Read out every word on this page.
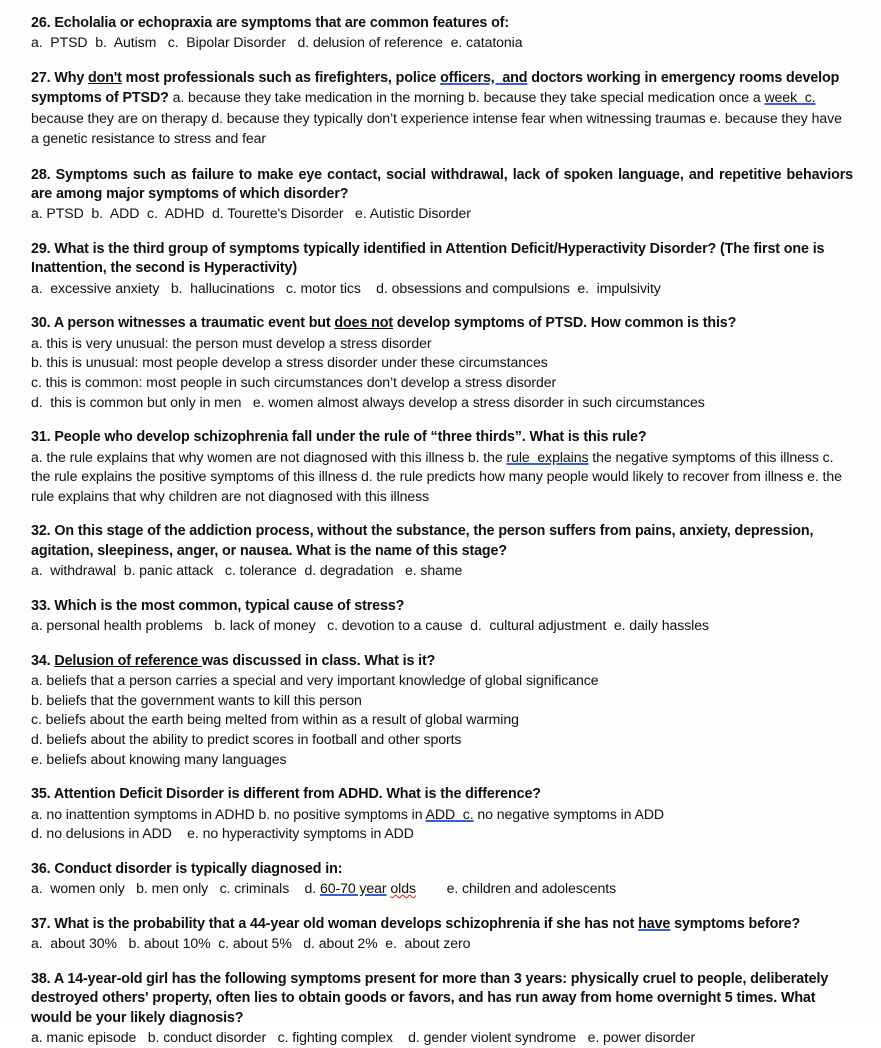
26. Echolalia or echopraxia are symptoms that are common features of:

a.  PTSD  b.  Autism   c.  Bipolar Disorder   d. delusion of reference  e. catatonia

27. Why don't most professionals such as firefighters, police officers,  and doctors working in emergency rooms develop symptoms of PTSD? a. because they take medication in the morning b. because they take special medication once a week  c. because they are on therapy d. because they typically don’t experience intense fear when witnessing traumas e. because they have a genetic resistance to stress and fear

28. Symptoms such as failure to make eye contact, social withdrawal, lack of spoken language, and repetitive behaviors are among major symptoms of which disorder?

a. PTSD  b.  ADD  c.  ADHD  d. Tourette's Disorder   e. Autistic Disorder

29. What is the third group of symptoms typically identified in Attention Deficit/Hyperactivity Disorder? (The first one is Inattention, the second is Hyperactivity)

a.  excessive anxiety   b.  hallucinations   c. motor tics    d. obsessions and compulsions  e.  impulsivity

30. A person witnesses a traumatic event but does not develop symptoms of PTSD. How common is this?

a. this is very unusual: the person must develop a stress disorder

b. this is unusual: most people develop a stress disorder under these circumstances

c. this is common: most people in such circumstances don’t develop a stress disorder

d.  this is common but only in men   e. women almost always develop a stress disorder in such circumstances

31. People who develop schizophrenia fall under the rule of “three thirds”. What is this rule?

a. the rule explains that why women are not diagnosed with this illness b. the rule  explains the negative symptoms of this illness c. the rule explains the positive symptoms of this illness d. the rule predicts how many people would likely to recover from illness e. the rule explains that why children are not diagnosed with this illness

32. On this stage of the addiction process, without the substance, the person suffers from pains, anxiety, depression, agitation, sleepiness, anger, or nausea. What is the name of this stage?

a.  withdrawal  b. panic attack   c. tolerance  d. degradation   e. shame

33. Which is the most common, typical cause of stress?

a. personal health problems   b. lack of money   c. devotion to a cause  d.  cultural adjustment  e. daily hassles

34. Delusion of reference was discussed in class. What is it?

a. beliefs that a person carries a special and very important knowledge of global significance

b. beliefs that the government wants to kill this person

c. beliefs about the earth being melted from within as a result of global warming

d. beliefs about the ability to predict scores in football and other sports

e. beliefs about knowing many languages

35. Attention Deficit Disorder is different from ADHD. What is the difference?

a. no inattention symptoms in ADHD b. no positive symptoms in ADD  c. no negative symptoms in ADD

d. no delusions in ADD    e. no hyperactivity symptoms in ADD

36. Conduct disorder is typically diagnosed in:

a.  women only   b. men only   c. criminals    d. 60-70 year olds        e. children and adolescents

37. What is the probability that a 44-year old woman develops schizophrenia if she has not have symptoms before?

a.  about 30%   b. about 10%  c. about 5%   d. about 2%  e.  about zero

38. A 14-year-old girl has the following symptoms present for more than 3 years: physically cruel to people, deliberately destroyed others' property, often lies to obtain goods or favors, and has run away from home overnight 5 times. What would be your likely diagnosis?

a. manic episode   b. conduct disorder   c. fighting complex    d. gender violent syndrome   e. power disorder
